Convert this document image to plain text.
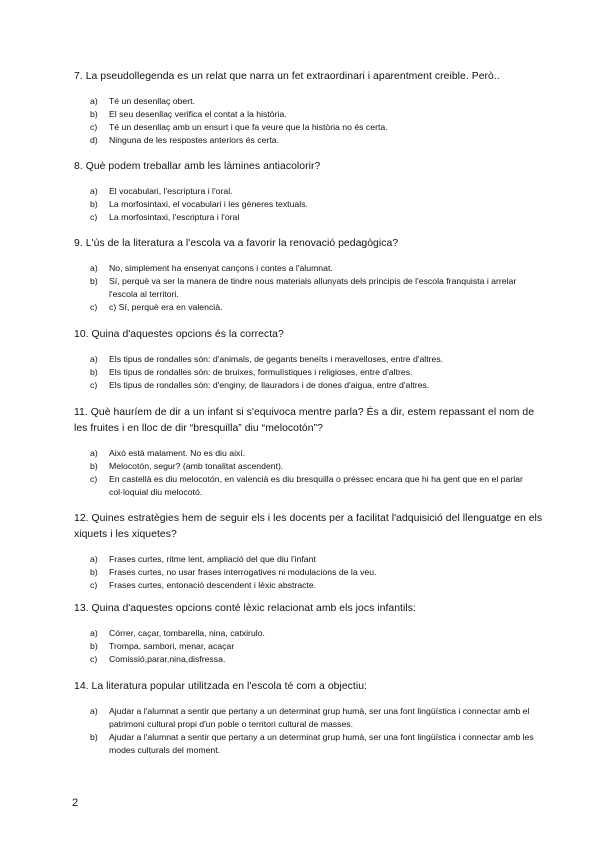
7. La pseudollegenda es un relat que narra un fet extraordinari i aparentment creible. Però..

a)	Té un desenllaç obert.
b)	El seu desenllaç verifica el contat a la història.
c)	Té un desenllaç amb un ensurt i que fa veure que la història no és certa.
d)	Ninguna de les respostes anteriors és certa.

8. Què podem treballar amb les làmines antiacolorir?

a)	El vocabulari, l'escriptura i l'oral.
b)	La morfosintaxi, el vocabulari i les gèneres textuals.
c)	La morfosintaxi, l'escriptura i l'oral

9. L'ús de la literatura a l'escola va a favorir la renovació pedagògica?

a)	No, simplement ha ensenyat cançons i contes a l'alumnat.
b)	Sí, perquè va ser la manera de tindre nous materials allunyats dels principis de l'escola franquista i arrelar l'escola al territori.
c)	c) Sí, perquè era en valencià.

10. Quina d'aquestes opcions és la correcta?

a)	Els tipus de rondalles són: d'animals, de gegants beneïts i meravelloses, entre d'altres.
b)	Els tipus de rondalles són: de bruixes, formulístiques i religioses, entre d'altres.
c)	Els tipus de rondalles són: d'enginy, de llauradors i de dones d'aigua, entre d'altres.

11. Què hauríem de dir a un infant si s'equivoca mentre parla? És a dir, estem repassant el nom de les fruites i en lloc de dir “bresquilla” diu “melocotón”?

a)	Això està malament. No es diu així.
b)	Melocotón, segur? (amb tonalitat ascendent).
c)	En castellà es diu melocotón, en valencià es diu bresquilla o préssec encara que hi ha gent que en el parlar col·loquial diu melocotó.

12. Quines estratègies hem de seguir els i les docents per a facilitat l'adquisició del llenguatge en els xiquets i les xiquetes?

a)	Frases curtes, ritme lent, ampliació del que diu l'infant
b)	Frases curtes, no usar frases interrogatives ni modulacions de la veu.
c)	Frases curtes, entonació descendent i lèxic abstracte.

13. Quina d'aquestes opcions conté lèxic relacionat amb els jocs infantils:

a)	Córrer, caçar, tombarella, nina, catxirulo.
b)	Trompa, sambori, menar, acaçar
c)	Comissió,parar,nina,disfressa.

14. La literatura popular utilitzada en l'escola té com a objectiu:

a)	Ajudar a l'alumnat a sentir que pertany a un determinat grup humà, ser una font lingüística i connectar amb el patrimoni cultural propi d'un poble o territori cultural de masses.
b)	Ajudar a l'alumnat a sentir que pertany a un determinat grup humà, ser una font lingüística i connectar amb les modes culturals del moment.
2
